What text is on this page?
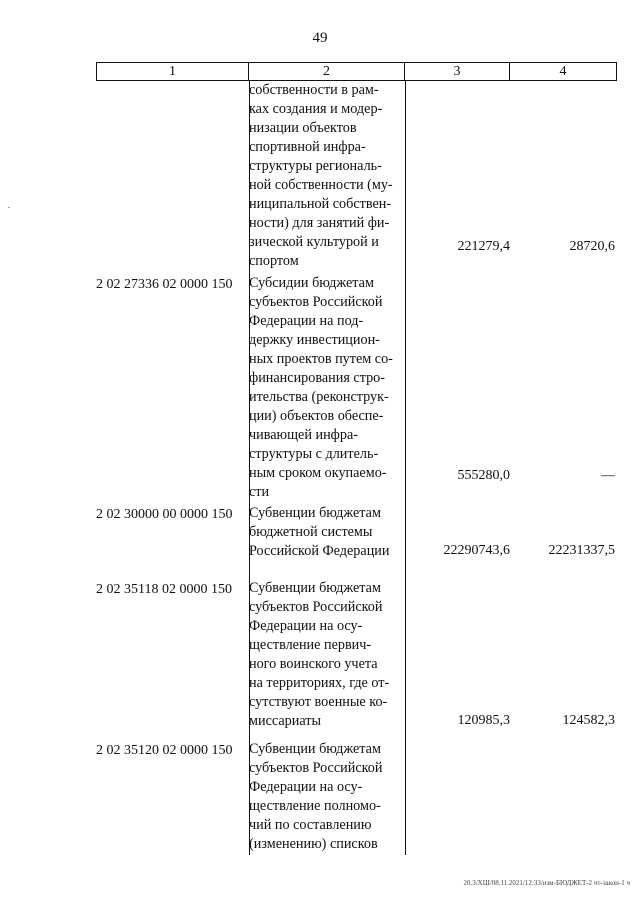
49
1	2	3	4
собственности в рам-
ках создания и модер-
низации объектов
спортивной инфра-
структуры региональ-
ной собственности (му-
ниципальной собствен-
ности) для занятий фи-
зической культурой и
спортом
221279,4	28720,6
2 02 27336 02 0000 150	Субсидии бюджетам
субъектов Российской
Федерации на под-
держку инвестицион-
ных проектов путем со-
финансирования стро-
ительства (реконструк-
ции) объектов обеспе-
чивающей инфра-
структуры с длитель-
ным сроком окупаемо-
сти
555280,0	—
2 02 30000 00 0000 150	Субвенции бюджетам
бюджетной системы
Российской Федерации	22290743,6	22231337,5
2 02 35118 02 0000 150	Субвенции бюджетам
субъектов Российской
Федерации на осу-
ществление первич-
ного воинского учета
на территориях, где от-
сутствуют военные ко-
миссариаты	120985,3	124582,3
2 02 35120 02 0000 150	Субвенции бюджетам
субъектов Российской
Федерации на осу-
ществление полномо-
чий по составлению
(изменению) списков
20.3/ХШ/08.11.2021/12:33/изм-БЮДЖЕТ-2 чт-закон-1 ч
